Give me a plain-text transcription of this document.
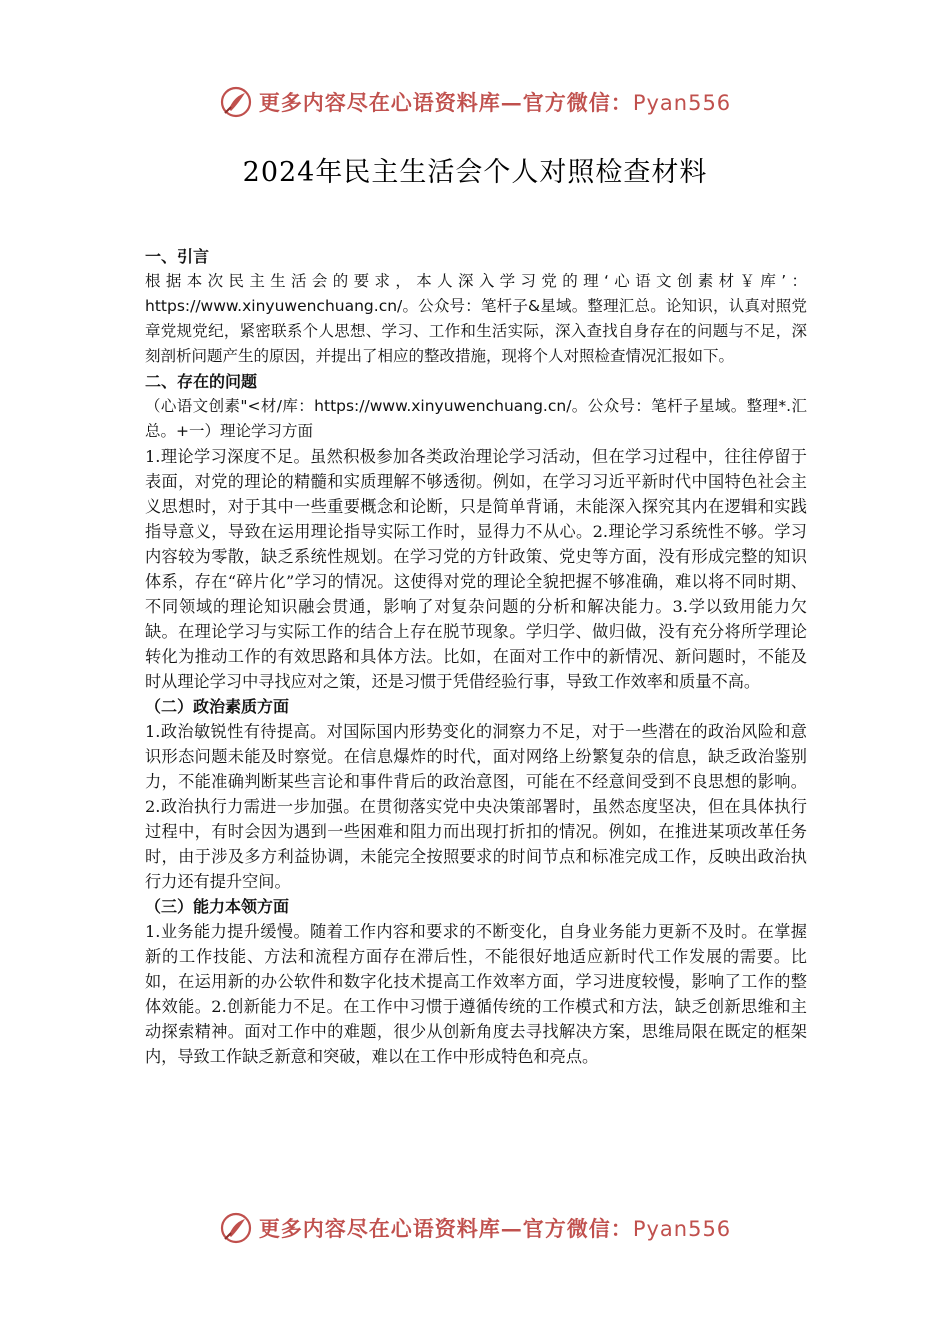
更多内容尽在心语资料库—官方微信：Pyan556
2024年民主生活会个人对照检查材料

一、引言

根据本次民主生活会的要求，本人深入学习党的理‘心语文创素材￥库’：https://www.xinyuwenchuang.cn/。公众号：笔杆子&星域。整理汇总。论知识，认真对照党章党规党纪，紧密联系个人思想、学习、工作和生活实际，深入查找自身存在的问题与不足，深刻剖析问题产生的原因，并提出了相应的整改措施，现将个人对照检查情况汇报如下。

二、存在的问题

（心语文创素"<材/库：https://www.xinyuwenchuang.cn/。公众号：笔杆子星域。整理*.汇总。+一）理论学习方面

1.理论学习深度不足。虽然积极参加各类政治理论学习活动，但在学习过程中，往往停留于表面，对党的理论的精髓和实质理解不够透彻。例如，在学习习近平新时代中国特色社会主义思想时，对于其中一些重要概念和论断，只是简单背诵，未能深入探究其内在逻辑和实践指导意义，导致在运用理论指导实际工作时，显得力不从心。2.理论学习系统性不够。学习内容较为零散，缺乏系统性规划。在学习党的方针政策、党史等方面，没有形成完整的知识体系，存在“碎片化”学习的情况。这使得对党的理论全貌把握不够准确，难以将不同时期、不同领域的理论知识融会贯通，影响了对复杂问题的分析和解决能力。3.学以致用能力欠缺。在理论学习与实际工作的结合上存在脱节现象。学归学、做归做，没有充分将所学理论转化为推动工作的有效思路和具体方法。比如，在面对工作中的新情况、新问题时，不能及时从理论学习中寻找应对之策，还是习惯于凭借经验行事，导致工作效率和质量不高。

（二）政治素质方面

1.政治敏锐性有待提高。对国际国内形势变化的洞察力不足，对于一些潜在的政治风险和意识形态问题未能及时察觉。在信息爆炸的时代，面对网络上纷繁复杂的信息，缺乏政治鉴别力，不能准确判断某些言论和事件背后的政治意图，可能在不经意间受到不良思想的影响。2.政治执行力需进一步加强。在贯彻落实党中央决策部署时，虽然态度坚决，但在具体执行过程中，有时会因为遇到一些困难和阻力而出现打折扣的情况。例如，在推进某项改革任务时，由于涉及多方利益协调，未能完全按照要求的时间节点和标准完成工作，反映出政治执行力还有提升空间。

（三）能力本领方面

1.业务能力提升缓慢。随着工作内容和要求的不断变化，自身业务能力更新不及时。在掌握新的工作技能、方法和流程方面存在滞后性，不能很好地适应新时代工作发展的需要。比如，在运用新的办公软件和数字化技术提高工作效率方面，学习进度较慢，影响了工作的整体效能。2.创新能力不足。在工作中习惯于遵循传统的工作模式和方法，缺乏创新思维和主动探索精神。面对工作中的难题，很少从创新角度去寻找解决方案，思维局限在既定的框架内，导致工作缺乏新意和突破，难以在工作中形成特色和亮点。

更多内容尽在心语资料库—官方微信：Pyan556
